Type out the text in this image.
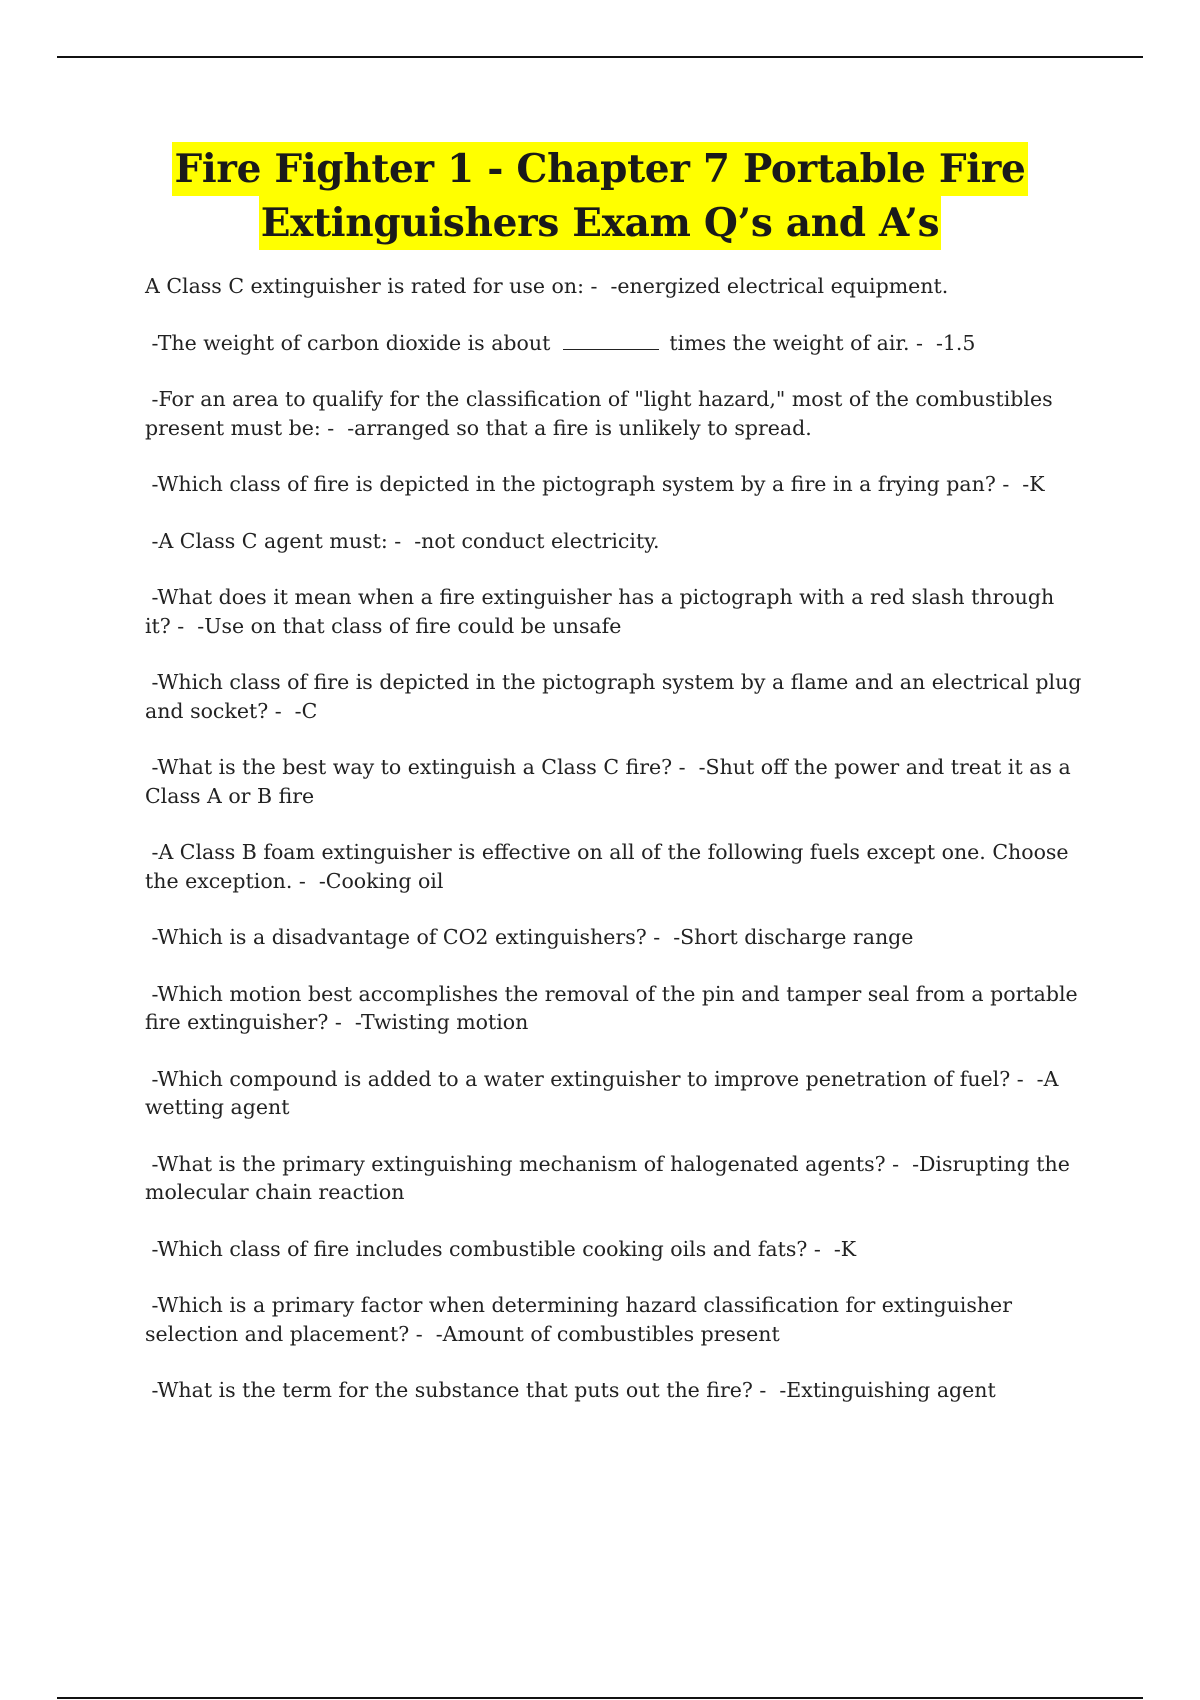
Fire Fighter 1 - Chapter 7 Portable Fire
Extinguishers Exam Q’s and A’s

A Class C extinguisher is rated for use on: -  -energized electrical equipment.

-The weight of carbon dioxide is about	times the weight of air. -  -1.5

-For an area to qualify for the classification of "light hazard," most of the combustibles present must be: -  -arranged so that a fire is unlikely to spread.

-Which class of fire is depicted in the pictograph system by a fire in a frying pan? -  -K

-A Class C agent must: -  -not conduct electricity.

-What does it mean when a fire extinguisher has a pictograph with a red slash through it? -  -Use on that class of fire could be unsafe

-Which class of fire is depicted in the pictograph system by a flame and an electrical plug and socket? -  -C

-What is the best way to extinguish a Class C fire? -  -Shut off the power and treat it as a Class A or B fire

-A Class B foam extinguisher is effective on all of the following fuels except one. Choose the exception. -  -Cooking oil

-Which is a disadvantage of CO2 extinguishers? -  -Short discharge range

-Which motion best accomplishes the removal of the pin and tamper seal from a portable fire extinguisher? -  -Twisting motion

-Which compound is added to a water extinguisher to improve penetration of fuel? -  -A wetting agent

-What is the primary extinguishing mechanism of halogenated agents? -  -Disrupting the molecular chain reaction

-Which class of fire includes combustible cooking oils and fats? -  -K

-Which is a primary factor when determining hazard classification for extinguisher selection and placement? -  -Amount of combustibles present

-What is the term for the substance that puts out the fire? -  -Extinguishing agent
